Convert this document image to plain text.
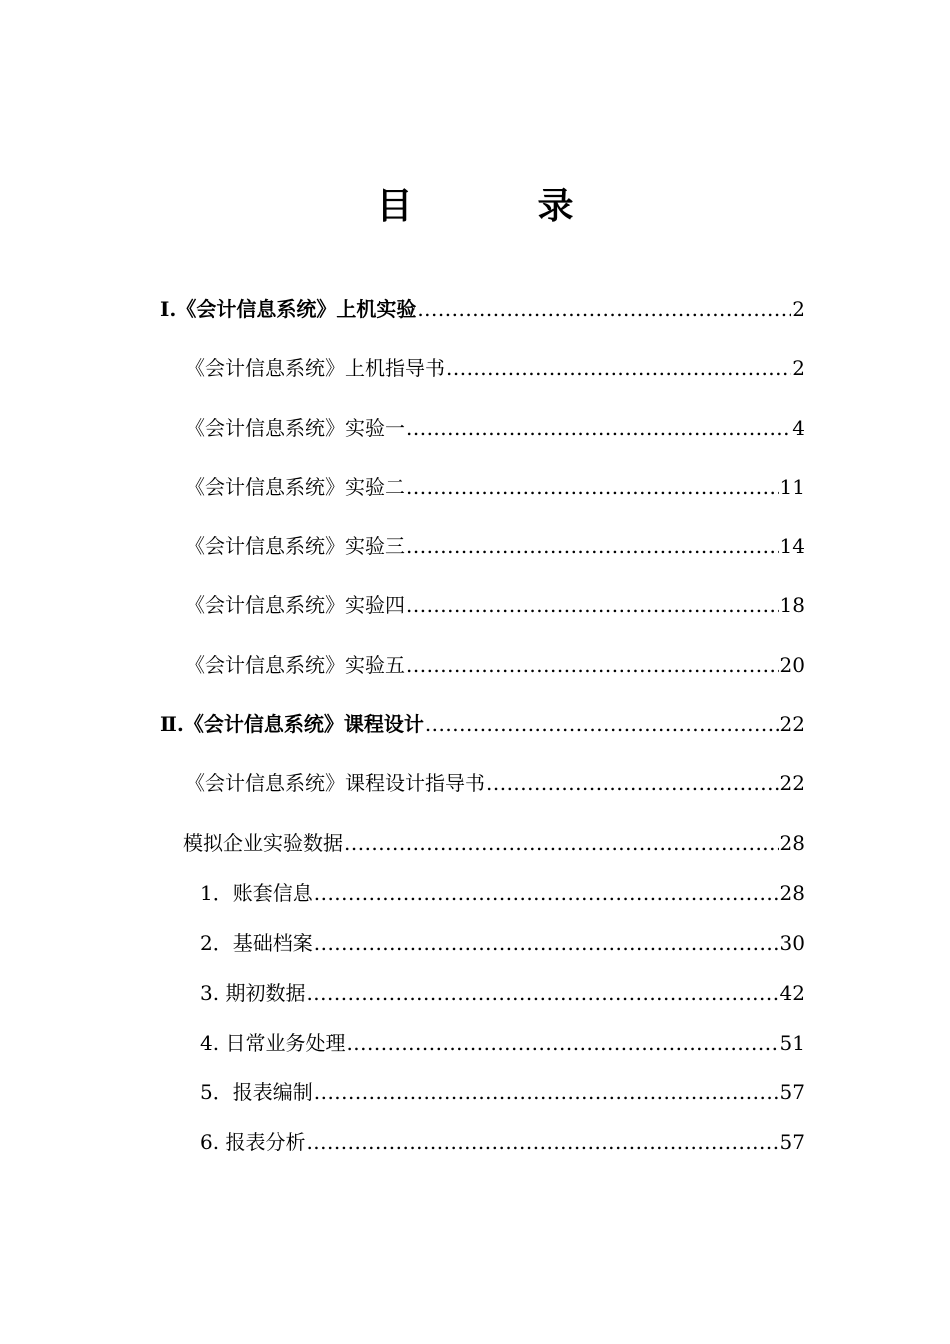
目	录
I.《会计信息系统》上机实验 .....	2
《会计信息系统》上机指导书 .....	2
《会计信息系统》实验一 .....	4
《会计信息系统》实验二 .....	11
《会计信息系统》实验三 .....	14
《会计信息系统》实验四 .....	18
《会计信息系统》实验五 .....	20
Ⅱ.《会计信息系统》课程设计 .....	22
《会计信息系统》课程设计指导书 .....	22
模拟企业实验数据 .....	28
1．账套信息 .....	28
2．基础档案 .....	30
3. 期初数据 .....	42
4. 日常业务处理 .....	51
5．报表编制 .....	57
6. 报表分析 .....	57
